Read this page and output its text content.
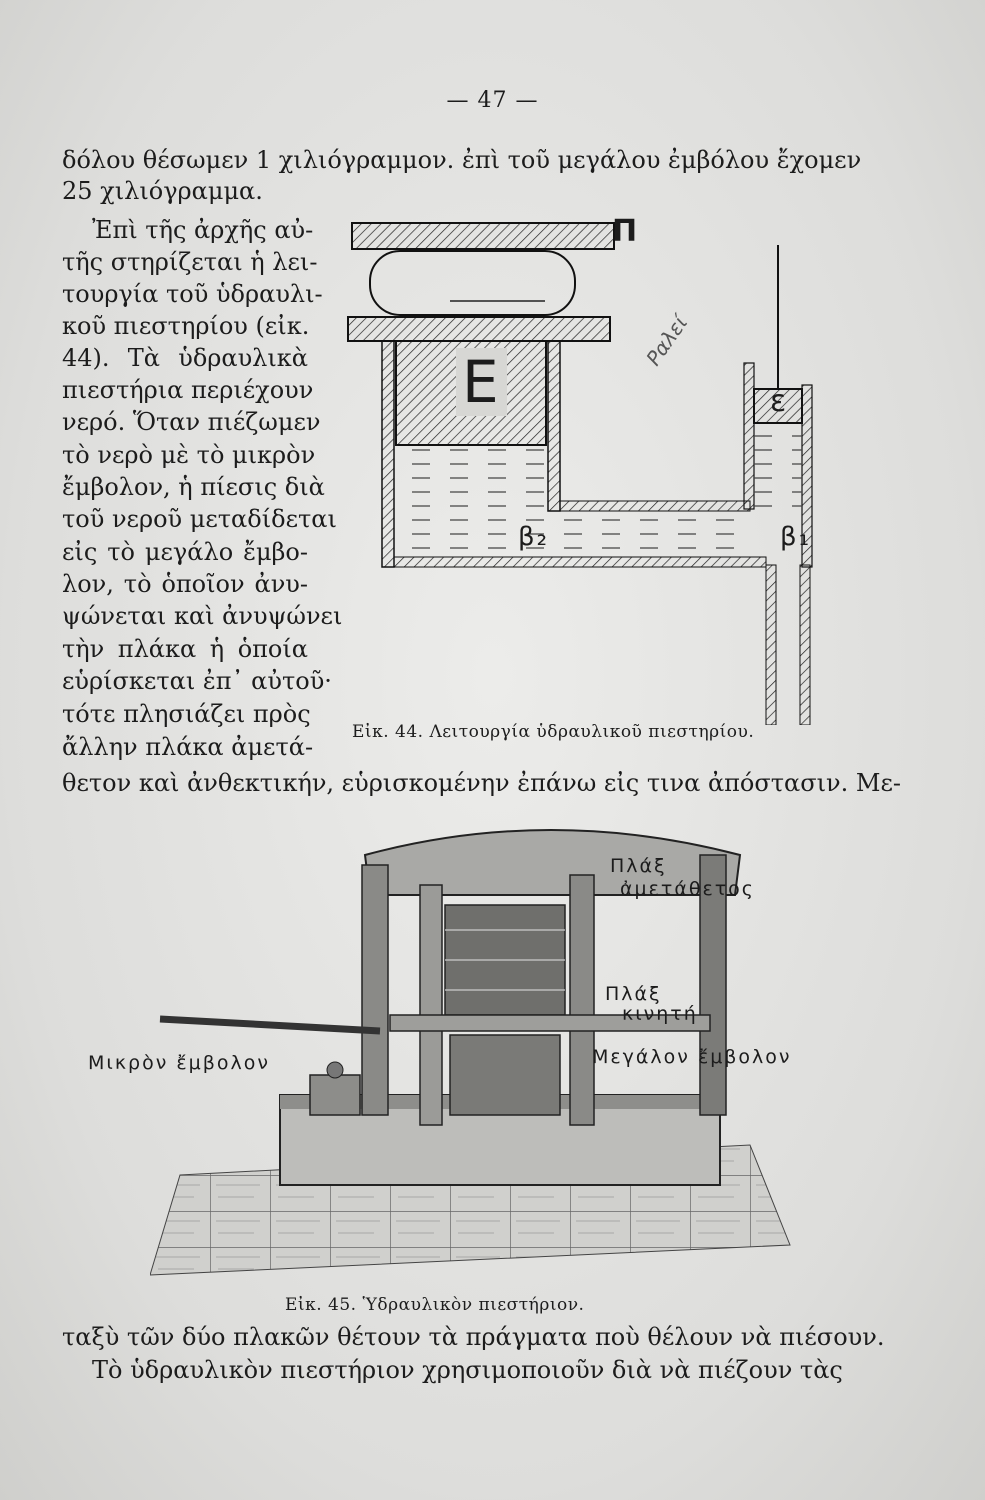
— 47 —
δόλου θέσωμεν 1 χιλιόγραμμον. ἐπὶ τοῦ μεγάλου ἐμβόλου ἔχομεν
25 χιλιόγραμμα.
Ἐπὶ τῆς ἀρχῆς αὐ-
τῆς στηρίζεται ἡ λει-
τουργία τοῦ ὑδραυλι-
κοῦ πιεστηρίου (εἰκ.
44). Τὰ ὑδραυλικὰ
πιεστήρια περιέχουν
νερό. Ὅταν πιέζωμεν
τὸ νερὸ μὲ τὸ μικρὸν
ἔμβολον, ἡ πίεσις διὰ
τοῦ νεροῦ μεταδίδεται
εἰς τὸ μεγάλο ἔμβο-
λον, τὸ ὁποῖον ἀνυ-
ψώνεται καὶ ἀνυψώνει
τὴν πλάκα ἡ ὁποία
εὑρίσκεται ἐπ᾿ αὐτοῦ·
τότε πλησιάζει πρὸς
ἄλλην πλάκα ἀμετά-
θετον καὶ ἀνθεκτικήν, εὑρισκομένην ἐπάνω εἰς τινα ἀπόστασιν. Με-
Ραλεί
Π
Ε	ε
β₂	β₁
Εἰκ. 44. Λειτουργία ὑδραυλικοῦ πιεστηρίου.
Πλάξ
ἀμετάθετος
Πλάξ
κινητή
Μικρὸν ἔμβολον	Μεγάλον ἔμβολον
Εἰκ. 45. Ὑδραυλικὸν πιεστήριον.
ταξὺ τῶν δύο πλακῶν θέτουν τὰ πράγματα ποὺ θέλουν νὰ πιέσουν.
Τὸ ὑδραυλικὸν πιεστήριον χρησιμοποιοῦν διὰ νὰ πιέζουν τὰς
